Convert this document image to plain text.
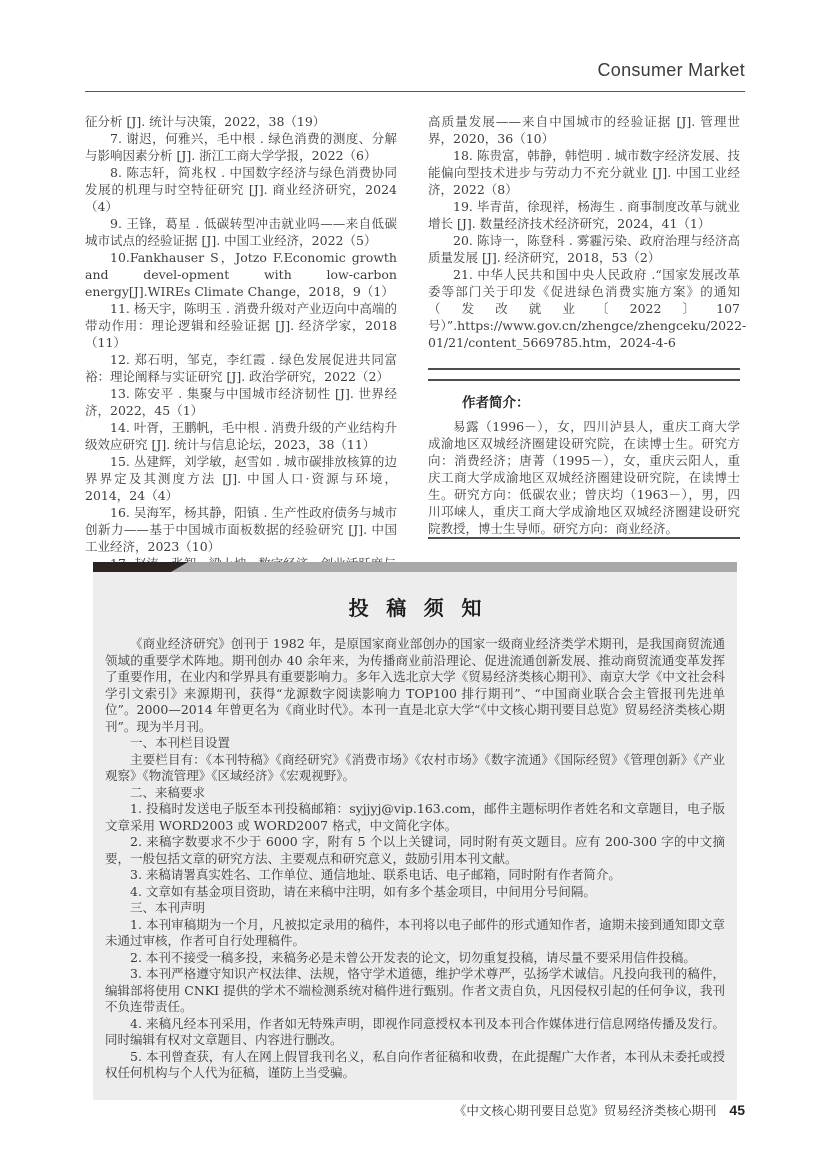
Consumer Market

征分析 [J]. 统计与决策，2022，38（19）

7. 谢迟，何雅兴，毛中根 . 绿色消费的测度、分解与影响因素分析 [J]. 浙江工商大学学报，2022（6）

8. 陈志轩，简兆权 . 中国数字经济与绿色消费协同发展的机理与时空特征研究 [J]. 商业经济研究，2024（4）

9. 王锋，葛星 . 低碳转型冲击就业吗——来自低碳城市试点的经验证据 [J]. 中国工业经济，2022（5）

10.Fankhauser S，Jotzo F.Economic growth and devel-opment with low-carbon energy[J].WIREs Climate Change，2018，9（1）

11. 杨天宇，陈明玉 . 消费升级对产业迈向中高端的带动作用：理论逻辑和经验证据 [J]. 经济学家，2018（11）

12. 郑石明，邹克，李红霞 . 绿色发展促进共同富裕：理论阐释与实证研究 [J]. 政治学研究，2022（2）

13. 陈安平 . 集聚与中国城市经济韧性 [J]. 世界经济，2022，45（1）

14. 叶胥，王鹏帆，毛中根 . 消费升级的产业结构升级效应研究 [J]. 统计与信息论坛，2023，38（11）

15. 丛建辉，刘学敏，赵雪如 . 城市碳排放核算的边界界定及其测度方法 [J]. 中国人口·资源与环境，2014，24（4）

16. 吴海军，杨其静，阳镇 . 生产性政府债务与城市创新力——基于中国城市面板数据的经验研究 [J]. 中国工业经济，2023（10）

高质量发展——来自中国城市的经验证据 [J]. 管理世界，2020，36（10）

18. 陈贵富，韩静，韩恺明 . 城市数字经济发展、技能偏向型技术进步与劳动力不充分就业 [J]. 中国工业经济，2022（8）

19. 毕青苗，徐现祥，杨海生 . 商事制度改革与就业增长 [J]. 数量经济技术经济研究，2024，41（1）

20. 陈诗一，陈登科 . 雾霾污染、政府治理与经济高质量发展 [J]. 经济研究，2018，53（2）

21. 中华人民共和国中央人民政府 .“国家发展改革委等部门关于印发《促进绿色消费实施方案》的通知（发改就业〔2022〕107 号）”.https://www.gov.cn/zhengce/zhengceku/2022-01/21/content_5669785.htm，2024-4-6

作者简介：

易露（1996－），女，四川泸县人，重庆工商大学成渝地区双城经济圈建设研究院，在读博士生。研究方向：消费经济；唐菁（1995－），女，重庆云阳人，重庆工商大学成渝地区双城经济圈建设研究院，在读博士生。研究方向：低碳农业；曾庆均（1963－），男，四川邛崃人，重庆工商大学成渝地区双城经济圈建设研究院教授，博士生导师。研究方向：商业经济。

投 稿 须 知

《商业经济研究》创刊于 1982 年，是原国家商业部创办的国家一级商业经济类学术期刊，是我国商贸流通领域的重要学术阵地。期刊创办 40 余年来，为传播商业前沿理论、促进流通创新发展、推动商贸流通变革发挥了重要作用，在业内和学界具有重要影响力。多年入选北京大学《贸易经济类核心期刊》、南京大学《中文社会科学引文索引》来源期刊，获得“龙源数字阅读影响力 TOP100 排行期刊”、“中国商业联合会主管报刊先进单位”。2000—2014 年曾更名为《商业时代》。本刊一直是北京大学“《中文核心期刊要目总览》贸易经济类核心期刊”。现为半月刊。

一、本刊栏目设置

主要栏目有：《本刊特稿》《商经研究》《消费市场》《农村市场》《数字流通》《国际经贸》《管理创新》《产业观察》《物流管理》《区域经济》《宏观视野》。

二、来稿要求

1. 投稿时发送电子版至本刊投稿邮箱：syjjyj@vip.163.com，邮件主题标明作者姓名和文章题目，电子版文章采用 WORD2003 或 WORD2007 格式，中文简化字体。

2. 来稿字数要求不少于 6000 字，附有 5 个以上关键词，同时附有英文题目。应有 200-300 字的中文摘要，一般包括文章的研究方法、主要观点和研究意义，鼓励引用本刊文献。

3. 来稿请署真实姓名、工作单位、通信地址、联系电话、电子邮箱，同时附有作者简介。

4. 文章如有基金项目资助，请在来稿中注明，如有多个基金项目，中间用分号间隔。

三、本刊声明

1. 本刊审稿期为一个月，凡被拟定录用的稿件，本刊将以电子邮件的形式通知作者，逾期未接到通知即文章未通过审核，作者可自行处理稿件。

2. 本刊不接受一稿多投，来稿务必是未曾公开发表的论文，切勿重复投稿，请尽量不要采用信件投稿。

3. 本刊严格遵守知识产权法律、法规，恪守学术道德，维护学术尊严，弘扬学术诚信。凡投向我刊的稿件，编辑部将使用 CNKI 提供的学术不端检测系统对稿件进行甄别。作者文责自负，凡因侵权引起的任何争议，我刊不负连带责任。

4. 来稿凡经本刊采用，作者如无特殊声明，即视作同意授权本刊及本刊合作媒体进行信息网络传播及发行。同时编辑有权对文章题目、内容进行删改。

5. 本刊曾查获，有人在网上假冒我刊名义，私自向作者征稿和收费，在此提醒广大作者，本刊从未委托或授权任何机构与个人代为征稿，谨防上当受骗。

《中文核心期刊要目总览》贸易经济类核心期刊 45
